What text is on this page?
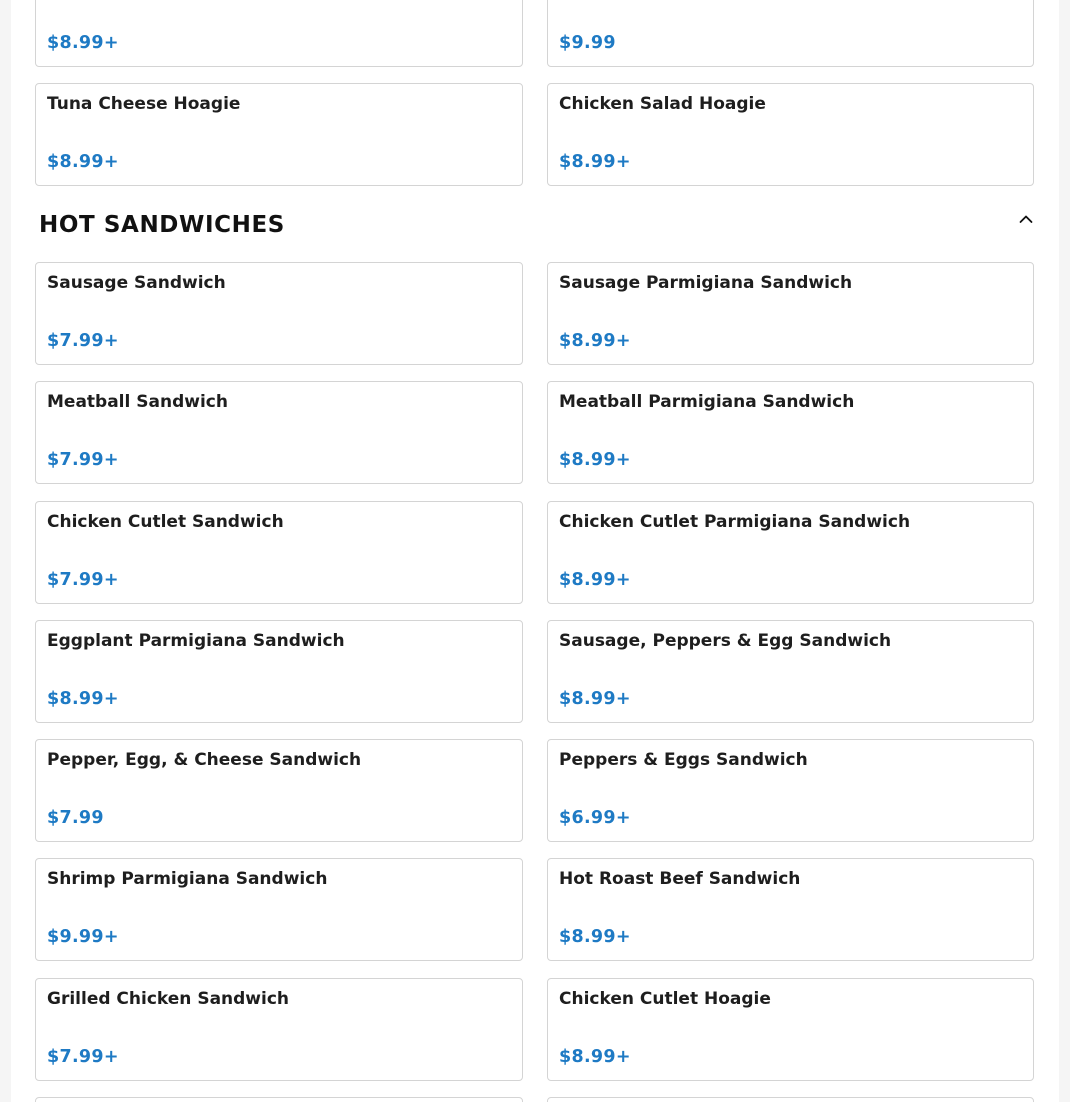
$8.99+	$9.99
Tuna Cheese Hoagie
$8.99+
Chicken Salad Hoagie
$8.99+
HOT SANDWICHES
Sausage Sandwich
$7.99+
Sausage Parmigiana Sandwich
$8.99+
Meatball Sandwich
$7.99+
Meatball Parmigiana Sandwich
$8.99+
Chicken Cutlet Sandwich
$7.99+
Chicken Cutlet Parmigiana Sandwich
$8.99+
Eggplant Parmigiana Sandwich
$8.99+
Sausage, Peppers & Egg Sandwich
$8.99+
Pepper, Egg, & Cheese Sandwich
$7.99
Peppers & Eggs Sandwich
$6.99+
Shrimp Parmigiana Sandwich
$9.99+
Hot Roast Beef Sandwich
$8.99+
Grilled Chicken Sandwich
$7.99+
Chicken Cutlet Hoagie
$8.99+
